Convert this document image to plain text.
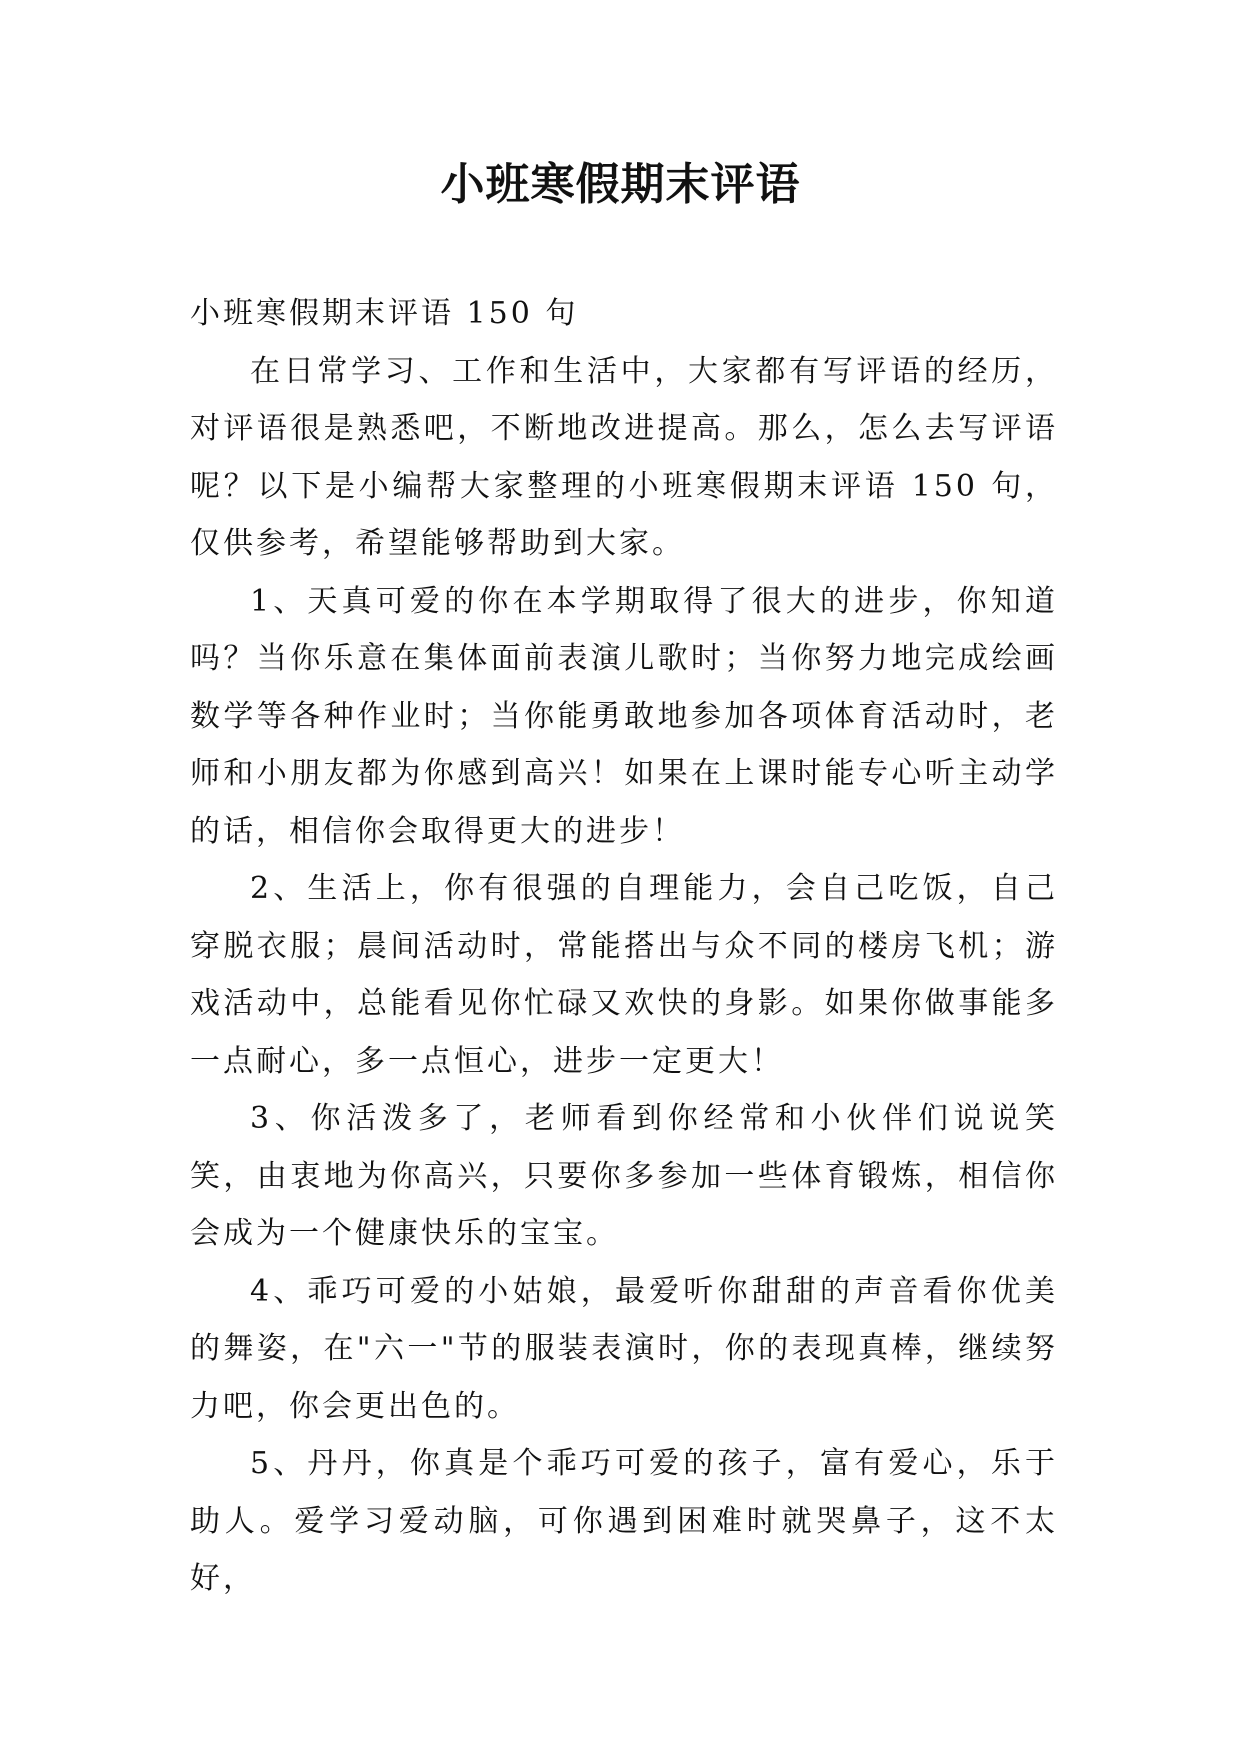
小班寒假期末评语

小班寒假期末评语 150 句

在日常学习、工作和生活中，大家都有写评语的经历，对评语很是熟悉吧，不断地改进提高。那么，怎么去写评语呢？以下是小编帮大家整理的小班寒假期末评语 150 句，仅供参考，希望能够帮助到大家。

1、天真可爱的你在本学期取得了很大的进步，你知道吗？当你乐意在集体面前表演儿歌时；当你努力地完成绘画数学等各种作业时；当你能勇敢地参加各项体育活动时，老师和小朋友都为你感到高兴！如果在上课时能专心听主动学的话，相信你会取得更大的进步！

2、生活上，你有很强的自理能力，会自己吃饭，自己穿脱衣服；晨间活动时，常能搭出与众不同的楼房飞机；游戏活动中，总能看见你忙碌又欢快的身影。如果你做事能多一点耐心，多一点恒心，进步一定更大！

3、你活泼多了，老师看到你经常和小伙伴们说说笑笑，由衷地为你高兴，只要你多参加一些体育锻炼，相信你会成为一个健康快乐的宝宝。

4、乖巧可爱的小姑娘，最爱听你甜甜的声音看你优美的舞姿，在"六一"节的服装表演时，你的表现真棒，继续努力吧，你会更出色的。

5、丹丹，你真是个乖巧可爱的孩子，富有爱心，乐于助人。爱学习爱动脑，可你遇到困难时就哭鼻子，这不太好，
